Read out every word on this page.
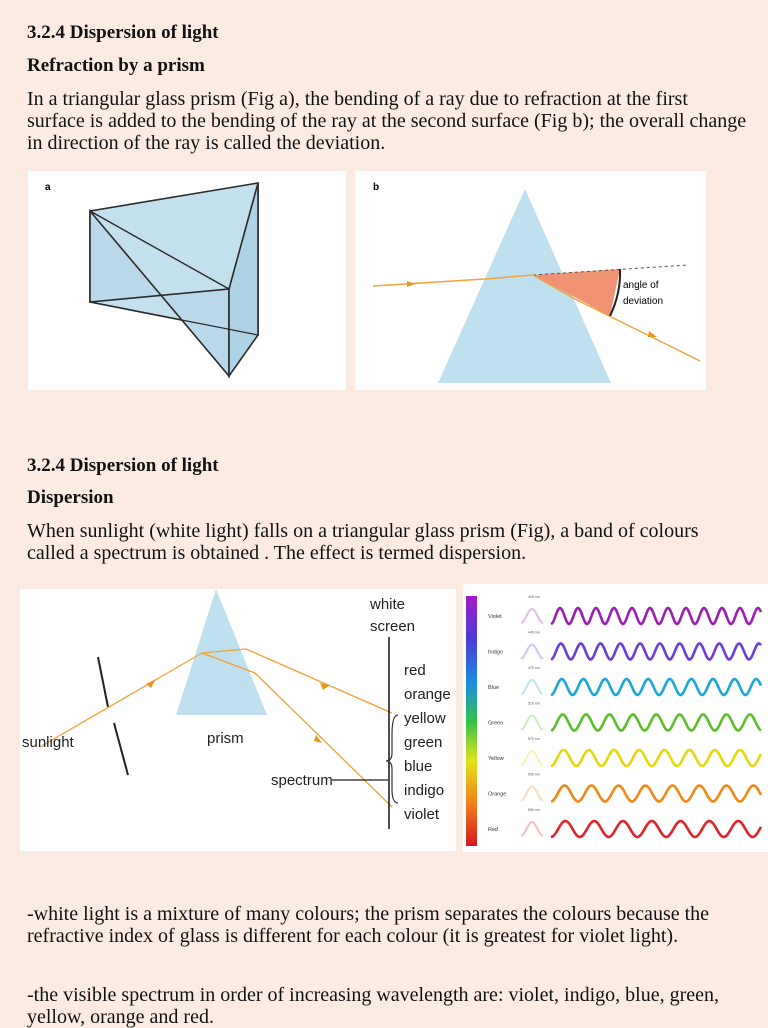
3.2.4 Dispersion of light
Refraction by a prism

In a triangular glass prism (Fig a), the bending of a ray due to refraction at the first surface is added to the bending of the ray at the second surface (Fig b); the overall change in direction of the ray is called the deviation.

a	b
angle of
deviation
3.2.4 Dispersion of light
Dispersion

When sunlight (white light) falls on a triangular glass prism (Fig), a band of colours called a spectrum is obtained . The effect is termed dispersion.

sunlight	prism
white
screen
spectrum
red
orange
yellow
green
blue
indigo
violet
Violet
400 nm
Indigo
445 nm
Blue
475 nm
Green
510 nm
Yellow
570 nm
Orange
590 nm
Red
650 nm

-white light is a mixture of many colours; the prism separates the colours because the refractive index of glass is different for each colour (it is greatest for violet light).

-the visible spectrum in order of increasing wavelength are: violet, indigo, blue, green, yellow, orange and red.
